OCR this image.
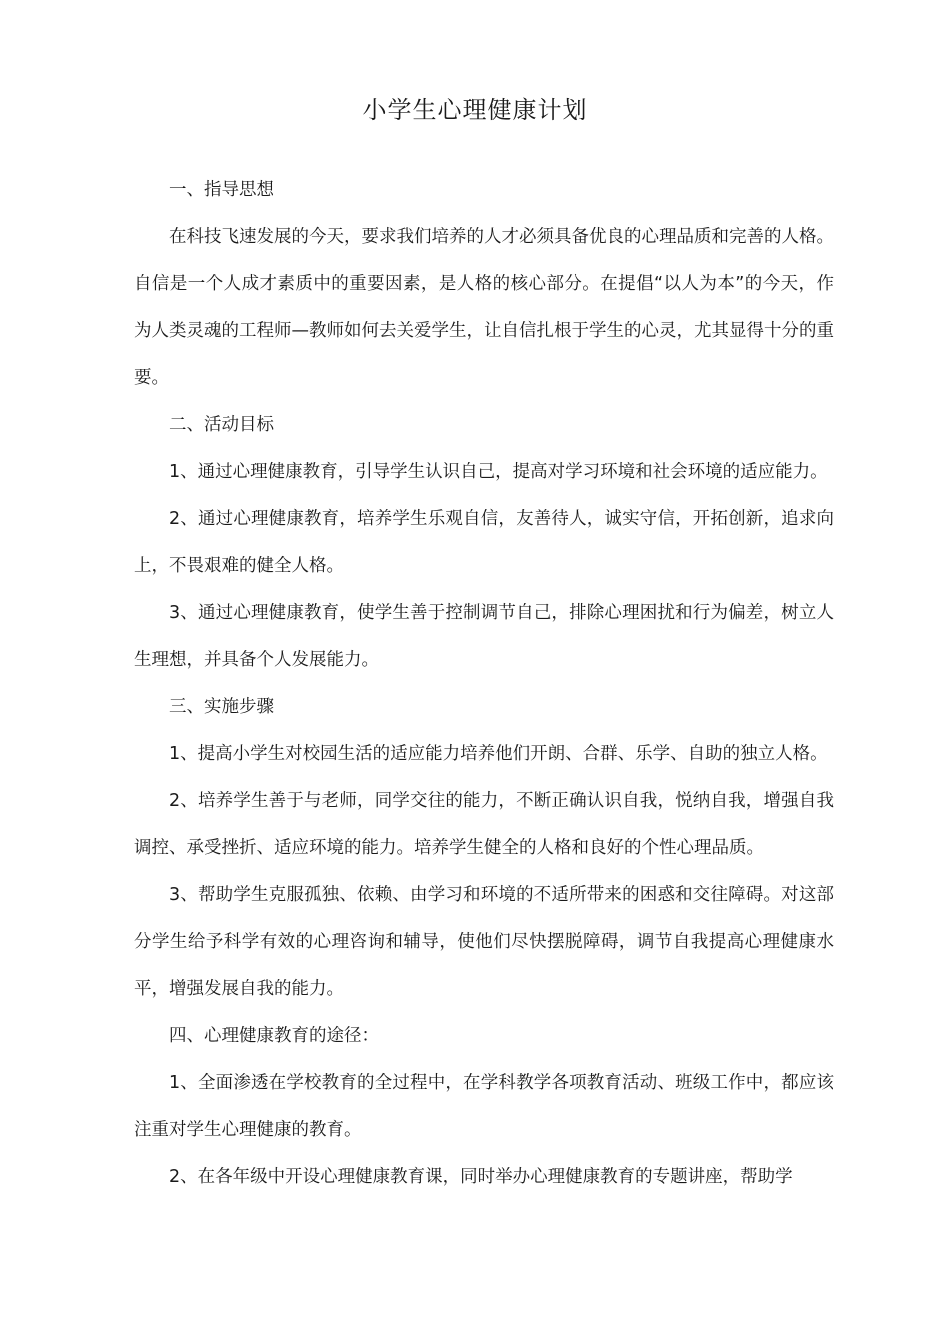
小学生心理健康计划

一、指导思想

在科技飞速发展的今天，要求我们培养的人才必须具备优良的心理品质和完善的人格。自信是一个人成才素质中的重要因素，是人格的核心部分。在提倡“以人为本”的今天，作为人类灵魂的工程师—教师如何去关爱学生，让自信扎根于学生的心灵，尤其显得十分的重要。

二、活动目标

1、通过心理健康教育，引导学生认识自己，提高对学习环境和社会环境的适应能力。

2、通过心理健康教育，培养学生乐观自信，友善待人，诚实守信，开拓创新，追求向上，不畏艰难的健全人格。

3、通过心理健康教育，使学生善于控制调节自己，排除心理困扰和行为偏差，树立人生理想，并具备个人发展能力。

三、实施步骤

1、提高小学生对校园生活的适应能力培养他们开朗、合群、乐学、自助的独立人格。

2、培养学生善于与老师，同学交往的能力，不断正确认识自我，悦纳自我，增强自我调控、承受挫折、适应环境的能力。培养学生健全的人格和良好的个性心理品质。

3、帮助学生克服孤独、依赖、由学习和环境的不适所带来的困惑和交往障碍。对这部分学生给予科学有效的心理咨询和辅导，使他们尽快摆脱障碍，调节自我提高心理健康水平，增强发展自我的能力。

四、心理健康教育的途径：

1、全面渗透在学校教育的全过程中，在学科教学各项教育活动、班级工作中，都应该注重对学生心理健康的教育。

2、在各年级中开设心理健康教育课，同时举办心理健康教育的专题讲座，帮助学
